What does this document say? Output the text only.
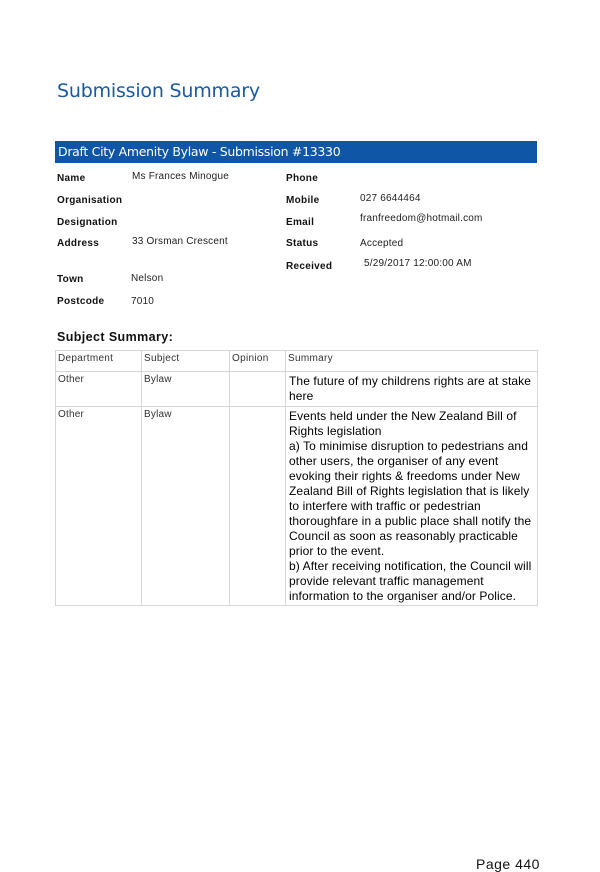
Submission Summary
Draft City Amenity Bylaw - Submission #13330
Name	Ms Frances Minogue
Organisation
Designation
Address	33 Orsman Crescent
Town	Nelson
Postcode	7010
Phone
Mobile	027 6644464
Email	franfreedom@hotmail.com
Status	Accepted
Received	5/29/2017 12:00:00 AM
Subject Summary:
Department	Subject	Opinion	Summary
Other	Bylaw		The future of my childrens rights are at stake here

Other	Bylaw		Events held under the New Zealand Bill of Rights legislation

a) To minimise disruption to pedestrians and other users, the organiser of any event evoking their rights & freedoms under New Zealand Bill of Rights legislation that is likely to interfere with traffic or pedestrian thoroughfare in a public place shall notify the Council as soon as reasonably practicable prior to the event.

b) After receiving notification, the Council will provide relevant traffic management information to the organiser and/or Police.

Page 440
